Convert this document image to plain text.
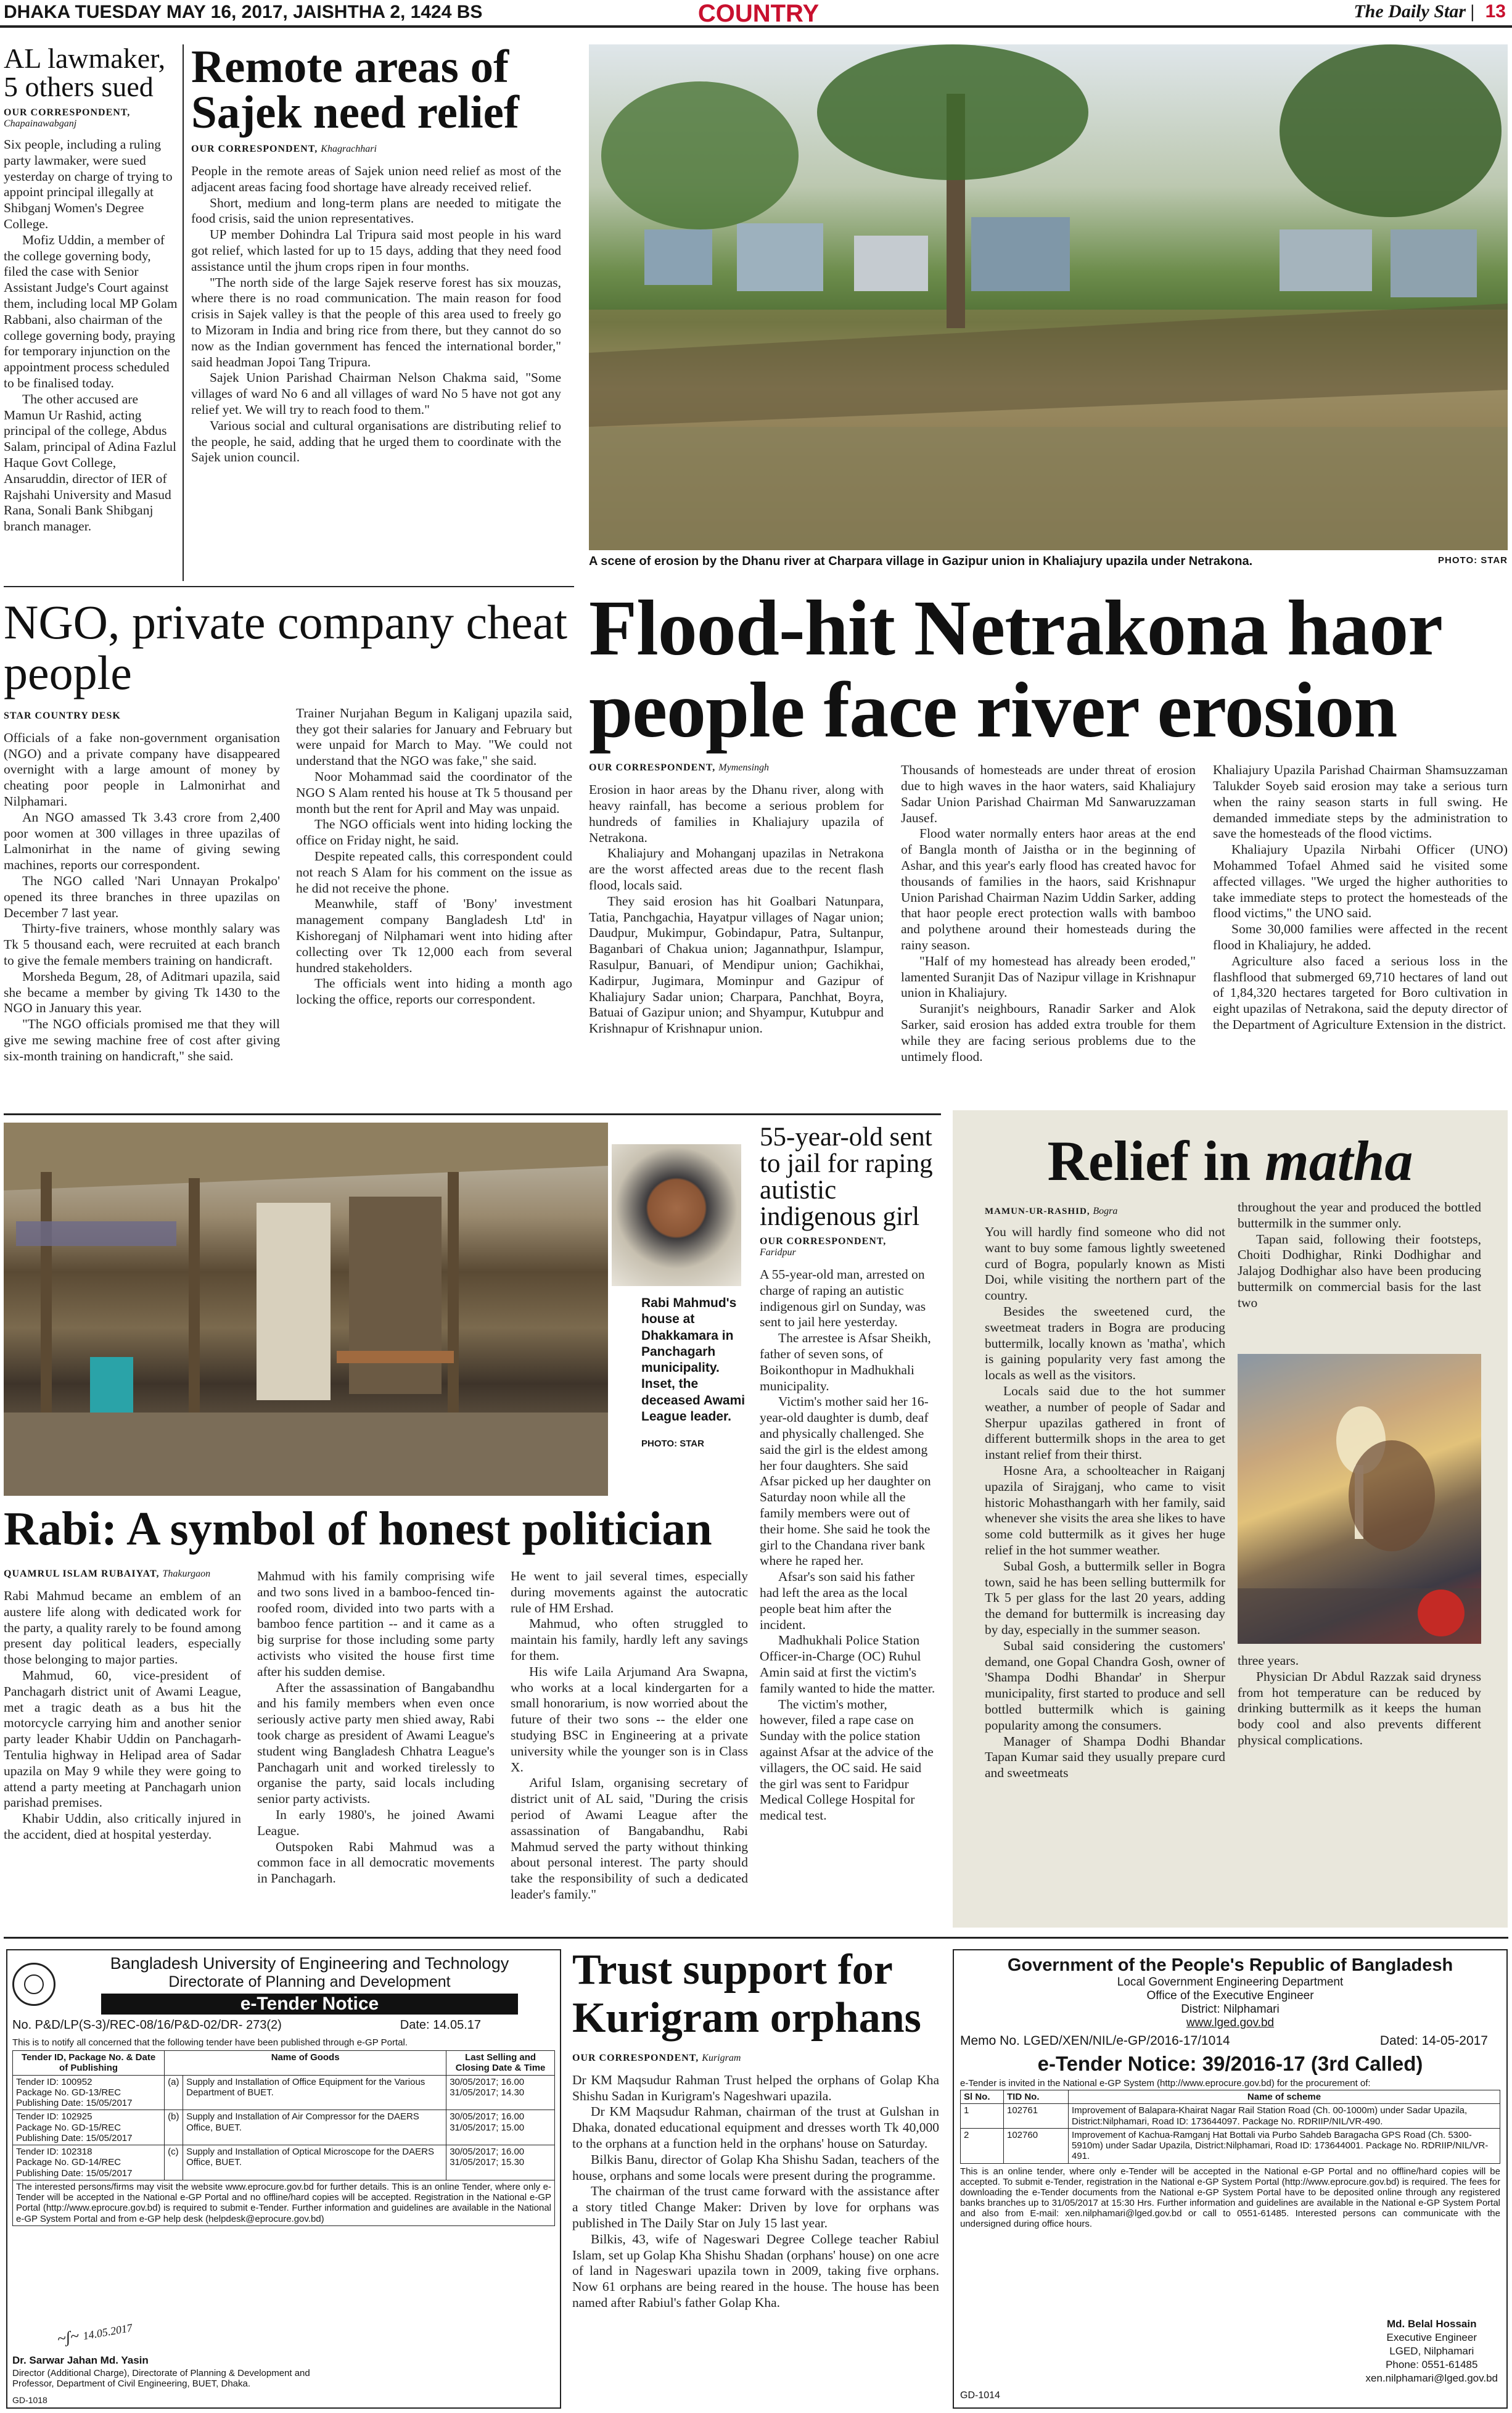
DHAKA TUESDAY MAY 16, 2017, JAISHTHA 2, 1424 BS	COUNTRY	The Daily Star | 13
AL lawmaker, 5 others sued
OUR CORRESPONDENT,
Chapainawabganj

Six people, including a ruling party lawmaker, were sued yesterday on charge of trying to appoint principal illegally at Shibganj Women's Degree College.

Mofiz Uddin, a member of the college governing body, filed the case with Senior Assistant Judge's Court against them, including local MP Golam Rabbani, also chairman of the college governing body, praying for temporary injunction on the appointment process scheduled to be finalised today.

The other accused are Mamun Ur Rashid, acting principal of the college, Abdus Salam, principal of Adina Fazlul Haque Govt College, Ansaruddin, director of IER of Rajshahi University and Masud Rana, Sonali Bank Shibganj branch manager.

Remote areas of Sajek need relief
OUR CORRESPONDENT, Khagrachhari

People in the remote areas of Sajek union need relief as most of the adjacent areas facing food shortage have already received relief.

Short, medium and long-term plans are needed to mitigate the food crisis, said the union representatives.

UP member Dohindra Lal Tripura said most people in his ward got relief, which lasted for up to 15 days, adding that they need food assistance until the jhum crops ripen in four months.

"The north side of the large Sajek reserve forest has six mouzas, where there is no road communication. The main reason for food crisis in Sajek valley is that the people of this area used to freely go to Mizoram in India and bring rice from there, but they cannot do so now as the Indian government has fenced the international border," said headman Jopoi Tang Tripura.

Sajek Union Parishad Chairman Nelson Chakma said, "Some villages of ward No 6 and all villages of ward No 5 have not got any relief yet. We will try to reach food to them."

Various social and cultural organisations are distributing relief to the people, he said, adding that he urged them to coordinate with the Sajek union council.

A scene of erosion by the Dhanu river at Charpara village in Gazipur union in Khaliajury upazila under Netrakona.	PHOTO: STAR
NGO, private company cheat people
STAR COUNTRY DESK

Officials of a fake non-government organisation (NGO) and a private company have disappeared overnight with a large amount of money by cheating poor people in Lalmonirhat and Nilphamari.

An NGO amassed Tk 3.43 crore from 2,400 poor women at 300 villages in three upazilas of Lalmonirhat in the name of giving sewing machines, reports our correspondent.

The NGO called 'Nari Unnayan Prokalpo' opened its three branches in three upazilas on December 7 last year.

Thirty-five trainers, whose monthly salary was Tk 5 thousand each, were recruited at each branch to give the female members training on handicraft.

Morsheda Begum, 28, of Aditmari upazila, said she became a member by giving Tk 1430 to the NGO in January this year.

"The NGO officials promised me that they will give me sewing machine free of cost after giving six-month training on handicraft," she said.

Trainer Nurjahan Begum in Kaliganj upazila said, they got their salaries for January and February but were unpaid for March to May. "We could not understand that the NGO was fake," she said.

Noor Mohammad said the coordinator of the NGO S Alam rented his house at Tk 5 thousand per month but the rent for April and May was unpaid.

The NGO officials went into hiding locking the office on Friday night, he said.

Despite repeated calls, this correspondent could not reach S Alam for his comment on the issue as he did not receive the phone.

Meanwhile, staff of 'Bony' investment management company Bangladesh Ltd' in Kishoreganj of Nilphamari went into hiding after collecting over Tk 12,000 each from several hundred stakeholders.

The officials went into hiding a month ago locking the office, reports our correspondent.

Flood-hit Netrakona haor people face river erosion
OUR CORRESPONDENT, Mymensingh

Erosion in haor areas by the Dhanu river, along with heavy rainfall, has become a serious problem for hundreds of families in Khaliajury upazila of Netrakona.

Khaliajury and Mohanganj upazilas in Netrakona are the worst affected areas due to the recent flash flood, locals said.

They said erosion has hit Goalbari Natunpara, Tatia, Panchgachia, Hayatpur villages of Nagar union; Daudpur, Mukimpur, Gobindapur, Patra, Sultanpur, Baganbari of Chakua union; Jagannathpur, Islampur, Rasulpur, Banuari, of Mendipur union; Gachikhai, Kadirpur, Jugimara, Mominpur and Gazipur of Khaliajury Sadar union; Charpara, Panchhat, Boyra, Batuai of Gazipur union; and Shyampur, Kutubpur and Krishnapur of Krishnapur union.

Thousands of homesteads are under threat of erosion due to high waves in the haor waters, said Khaliajury Sadar Union Parishad Chairman Md Sanwaruzzaman Jausef.

Flood water normally enters haor areas at the end of Bangla month of Jaistha or in the beginning of Ashar, and this year's early flood has created havoc for thousands of families in the haors, said Krishnapur Union Parishad Chairman Nazim Uddin Sarker, adding that haor people erect protection walls with bamboo and polythene around their homesteads during the rainy season.

"Half of my homestead has already been eroded," lamented Suranjit Das of Nazipur village in Krishnapur union in Khaliajury.

Suranjit's neighbours, Ranadir Sarker and Alok Sarker, said erosion has added extra trouble for them while they are facing serious problems due to the untimely flood.

Khaliajury Upazila Parishad Chairman Shamsuzzaman Talukder Soyeb said erosion may take a serious turn when the rainy season starts in full swing. He demanded immediate steps by the administration to save the homesteads of the flood victims.

Khaliajury Upazila Nirbahi Officer (UNO) Mohammed Tofael Ahmed said he visited some affected villages. "We urged the higher authorities to take immediate steps to protect the homesteads of the flood victims," the UNO said.

Some 30,000 families were affected in the recent flood in Khaliajury, he added.

Agriculture also faced a serious loss in the flashflood that submerged 69,710 hectares of land out of 1,84,320 hectares targeted for Boro cultivation in eight upazilas of Netrakona, said the deputy director of the Department of Agriculture Extension in the district.

Rabi Mahmud's house at Dhakkamara in Panchagarh municipality. Inset, the deceased Awami League leader.
PHOTO: STAR
Rabi: A symbol of honest politician
QUAMRUL ISLAM RUBAIYAT, Thakurgaon

Rabi Mahmud became an emblem of an austere life along with dedicated work for the party, a quality rarely to be found among present day political leaders, especially those belonging to major parties.

Mahmud, 60, vice-president of Panchagarh district unit of Awami League, met a tragic death as a bus hit the motorcycle carrying him and another senior party leader Khabir Uddin on Panchagarh-Tentulia highway in Helipad area of Sadar upazila on May 9 while they were going to attend a party meeting at Panchagarh union parishad premises.

Khabir Uddin, also critically injured in the accident, died at hospital yesterday.

Mahmud with his family comprising wife and two sons lived in a bamboo-fenced tin-roofed room, divided into two parts with a bamboo fence partition -- and it came as a big surprise for those including some party activists who visited the house first time after his sudden demise.

After the assassination of Bangabandhu and his family members when even once seriously active party men shied away, Rabi took charge as president of Awami League's student wing Bangladesh Chhatra League's Panchagarh unit and worked tirelessly to organise the party, said locals including senior party activists.

In early 1980's, he joined Awami League.

Outspoken Rabi Mahmud was a common face in all democratic movements in Panchagarh.

He went to jail several times, especially during movements against the autocratic rule of HM Ershad.

Mahmud, who often struggled to maintain his family, hardly left any savings for them.

His wife Laila Arjumand Ara Swapna, who works at a local kindergarten for a small honorarium, is now worried about the future of their two sons -- the elder one studying BSC in Engineering at a private university while the younger son is in Class X.

Ariful Islam, organising secretary of district unit of AL said, "During the crisis period of Awami League after the assassination of Bangabandhu, Rabi Mahmud served the party without thinking about personal interest. The party should take the responsibility of such a dedicated leader's family."

55-year-old sent to jail for raping autistic indigenous girl
OUR CORRESPONDENT,
Faridpur

A 55-year-old man, arrested on charge of raping an autistic indigenous girl on Sunday, was sent to jail here yesterday.

The arrestee is Afsar Sheikh, father of seven sons, of Boikonthopur in Madhukhali municipality.

Victim's mother said her 16-year-old daughter is dumb, deaf and physically challenged. She said the girl is the eldest among her four daughters. She said Afsar picked up her daughter on Saturday noon while all the family members were out of their home. She said he took the girl to the Chandana river bank where he raped her.

Afsar's son said his father had left the area as the local people beat him after the incident.

Madhukhali Police Station Officer-in-Charge (OC) Ruhul Amin said at first the victim's family wanted to hide the matter.

The victim's mother, however, filed a rape case on Sunday with the police station against Afsar at the advice of the villagers, the OC said. He said the girl was sent to Faridpur Medical College Hospital for medical test.

Relief in matha
MAMUN-UR-RASHID, Bogra

You will hardly find someone who did not want to buy some famous lightly sweetened curd of Bogra, popularly known as Misti Doi, while visiting the northern part of the country.

Besides the sweetened curd, the sweetmeat traders in Bogra are producing buttermilk, locally known as 'matha', which is gaining popularity very fast among the locals as well as the visitors.

Locals said due to the hot summer weather, a number of people of Sadar and Sherpur upazilas gathered in front of different buttermilk shops in the area to get instant relief from their thirst.

Hosne Ara, a schoolteacher in Raiganj upazila of Sirajganj, who came to visit historic Mohasthangarh with her family, said whenever she visits the area she likes to have some cold buttermilk as it gives her huge relief in the hot summer weather.

Subal Gosh, a buttermilk seller in Bogra town, said he has been selling buttermilk for Tk 5 per glass for the last 20 years, adding the demand for buttermilk is increasing day by day, especially in the summer season.

Subal said considering the customers' demand, one Gopal Chandra Gosh, owner of 'Shampa Dodhi Bhandar' in Sherpur municipality, first started to produce and sell bottled buttermilk which is gaining popularity among the consumers.

Manager of Shampa Dodhi Bhandar Tapan Kumar said they usually prepare curd and sweetmeats

throughout the year and produced the bottled buttermilk in the summer only.

Tapan said, following their footsteps, Choiti Dodhighar, Rinki Dodhighar and Jalajog Dodhighar also have been producing buttermilk on commercial basis for the last two

three years.

Physician Dr Abdul Razzak said dryness from hot temperature can be reduced by drinking buttermilk as it keeps the human body cool and also prevents different physical complications.

Bangladesh University of Engineering and Technology
Directorate of Planning and Development
e-Tender Notice
No. P&D/LP(S-3)/REC-08/16/P&D-02/DR- 273(2)	Date: 14.05.17
This is to notify all concerned that the following tender have been published through e-GP Portal.
Tender ID, Package No. & Date of Publishing	Name of Goods		Last Selling and Closing Date & Time
Tender ID: 100952
Package No. GD-13/REC
Publishing Date: 15/05/2017	(a)	Supply and Installation of Office Equipment for the Various Department of BUET.	30/05/2017; 16.00
31/05/2017; 14.30
Tender ID: 102925
Package No. GD-15/REC
Publishing Date: 15/05/2017	(b)	Supply and Installation of Air Compressor for the DAERS Office, BUET.	30/05/2017; 16.00
31/05/2017; 15.00
Tender ID: 102318
Package No. GD-14/REC
Publishing Date: 15/05/2017	(c)	Supply and Installation of Optical Microscope for the DAERS Office, BUET.	30/05/2017; 16.00
31/05/2017; 15.30
The interested persons/firms may visit the website www.eprocure.gov.bd for further details. This is an online Tender, where only e-Tender will be accepted in the National e-GP Portal and no offline/hard copies will be accepted. Registration in the National e-GP Portal (http://www.eprocure.gov.bd) is required to submit e-Tender. Further information and guidelines are available in the National e-GP System Portal and from e-GP help desk (helpdesk@eprocure.gov.bd)			
~ʃ~ 14.05.2017
Dr. Sarwar Jahan Md. Yasin
Director (Additional Charge), Directorate of Planning & Development and Professor, Department of Civil Engineering, BUET, Dhaka.
GD-1018
Trust support for Kurigram orphans
OUR CORRESPONDENT, Kurigram

Dr KM Maqsudur Rahman Trust helped the orphans of Golap Kha Shishu Sadan in Kurigram's Nageshwari upazila.

Dr KM Maqsudur Rahman, chairman of the trust at Gulshan in Dhaka, donated educational equipment and dresses worth Tk 40,000 to the orphans at a function held in the orphans' house on Saturday.

Bilkis Banu, director of Golap Kha Shishu Sadan, teachers of the house, orphans and some locals were present during the programme.

The chairman of the trust came forward with the assistance after a story titled Change Maker: Driven by love for orphans was published in The Daily Star on July 15 last year.

Bilkis, 43, wife of Nageswari Degree College teacher Rabiul Islam, set up Golap Kha Shishu Shadan (orphans' house) on one acre of land in Nageswari upazila town in 2009, taking five orphans. Now 61 orphans are being reared in the house. The house has been named after Rabiul's father Golap Kha.

Government of the People's Republic of Bangladesh
Local Government Engineering Department
Office of the Executive Engineer
District: Nilphamari
www.lged.gov.bd
Memo No. LGED/XEN/NIL/e-GP/2016-17/1014	Dated: 14-05-2017
e-Tender Notice: 39/2016-17 (3rd Called)
e-Tender is invited in the National e-GP System (http://www.eprocure.gov.bd) for the procurement of:
Sl No.	TID No.	Name of scheme
1	102761	Improvement of Balapara-Khairat Nagar Rail Station Road (Ch. 00-1000m) under Sadar Upazila, District:Nilphamari, Road ID: 173644097. Package No. RDRIIP/NIL/VR-490.
2	102760	Improvement of Kachua-Ramganj Hat Bottali via Purbo Sahdeb Baragacha GPS Road (Ch. 5300-5910m) under Sadar Upazila, District:Nilphamari, Road ID: 173644001. Package No. RDRIIP/NIL/VR-491.
This is an online tender, where only e-Tender will be accepted in the National e-GP Portal and no offline/hard copies will be accepted. To submit e-Tender, registration in the National e-GP System Portal (http://www.eprocure.gov.bd) is required. The fees for downloading the e-Tender documents from the National e-GP System Portal have to be deposited online through any registered banks branches up to 31/05/2017 at 15:30 Hrs. Further information and guidelines are available in the National e-GP System Portal and also from E-mail: xen.nilphamari@lged.gov.bd or call to 0551-61485. Interested persons can communicate with the undersigned during office hours.
Md. Belal Hossain
Executive Engineer
LGED, Nilphamari
Phone: 0551-61485
xen.nilphamari@lged.gov.bd
GD-1014
